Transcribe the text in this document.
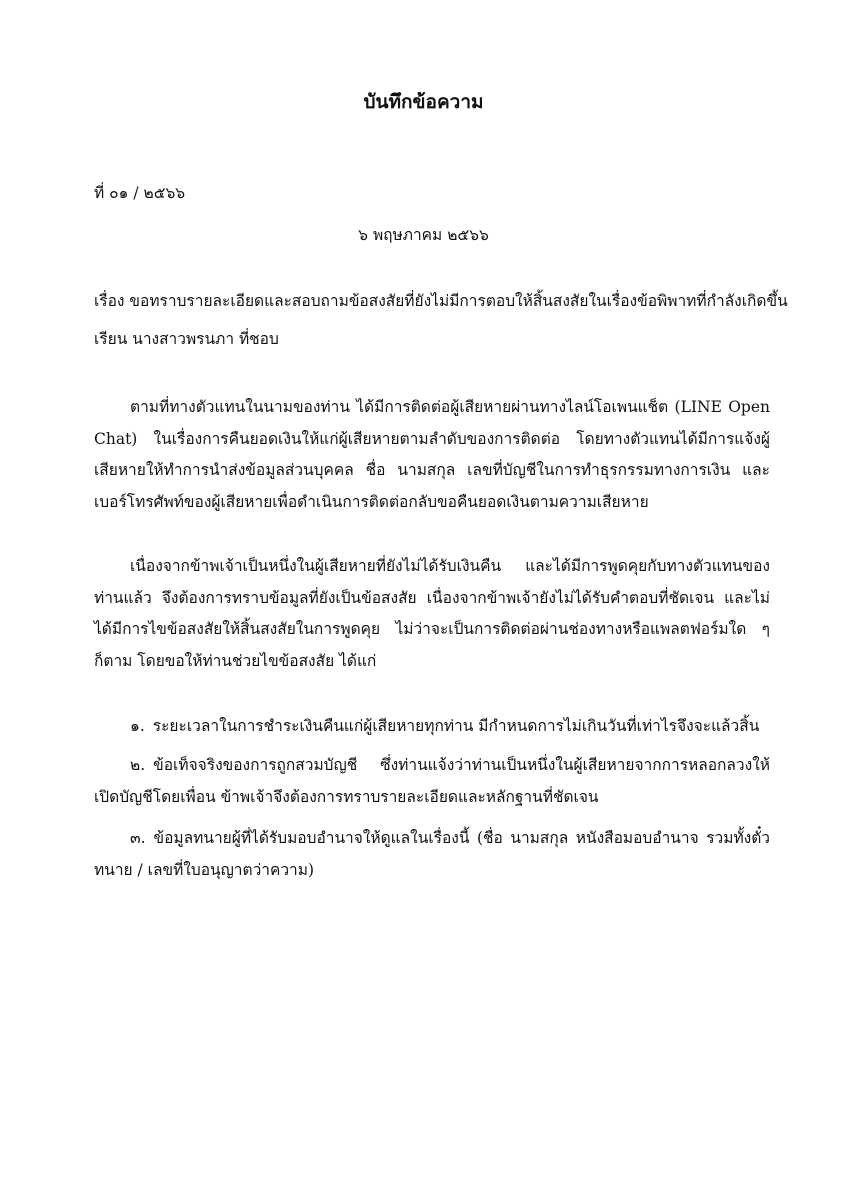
บันทึกข้อความ
ที่ ๐๑ / ๒๕๖๖
๖ พฤษภาคม ๒๕๖๖
เรื่อง ขอทราบรายละเอียดและสอบถามข้อสงสัยที่ยังไม่มีการตอบให้สิ้นสงสัยในเรื่องข้อพิพาทที่กำลังเกิดขึ้น
เรียน นางสาวพรนภา ที่ชอบ
ตามที่ทางตัวแทนในนามของท่าน ได้มีการติดต่อผู้เสียหายผ่านทางไลน์โอเพนแช็ต (LINE Open Chat) ในเรื่องการคืนยอดเงินให้แก่ผู้เสียหายตามลำดับของการติดต่อ โดยทางตัวแทนได้มีการแจ้งผู้เสียหายให้ทำการนำส่งข้อมูลส่วนบุคคล ชื่อ นามสกุล เลขที่บัญชีในการทำธุรกรรมทางการเงิน และเบอร์โทรศัพท์ของผู้เสียหายเพื่อดำเนินการติดต่อกลับขอคืนยอดเงินตามความเสียหาย
เนื่องจากข้าพเจ้าเป็นหนึ่งในผู้เสียหายที่ยังไม่ได้รับเงินคืน และได้มีการพูดคุยกับทางตัวแทนของท่านแล้ว จึงต้องการทราบข้อมูลที่ยังเป็นข้อสงสัย เนื่องจากข้าพเจ้ายังไม่ได้รับคำตอบที่ชัดเจน และไม่ได้มีการไขข้อสงสัยให้สิ้นสงสัยในการพูดคุย ไม่ว่าจะเป็นการติดต่อผ่านช่องทางหรือแพลตฟอร์มใด ๆ ก็ตาม โดยขอให้ท่านช่วยไขข้อสงสัย ได้แก่
๑. ระยะเวลาในการชำระเงินคืนแก่ผู้เสียหายทุกท่าน มีกำหนดการไม่เกินวันที่เท่าไรจึงจะแล้วสิ้น
๒. ข้อเท็จจริงของการถูกสวมบัญชี ซึ่งท่านแจ้งว่าท่านเป็นหนึ่งในผู้เสียหายจากการหลอกลวงให้เปิดบัญชีโดยเพื่อน ข้าพเจ้าจึงต้องการทราบรายละเอียดและหลักฐานที่ชัดเจน
๓. ข้อมูลทนายผู้ที่ได้รับมอบอำนาจให้ดูแลในเรื่องนี้ (ชื่อ นามสกุล หนังสือมอบอำนาจ รวมทั้งตั๋วทนาย / เลขที่ใบอนุญาตว่าความ)
